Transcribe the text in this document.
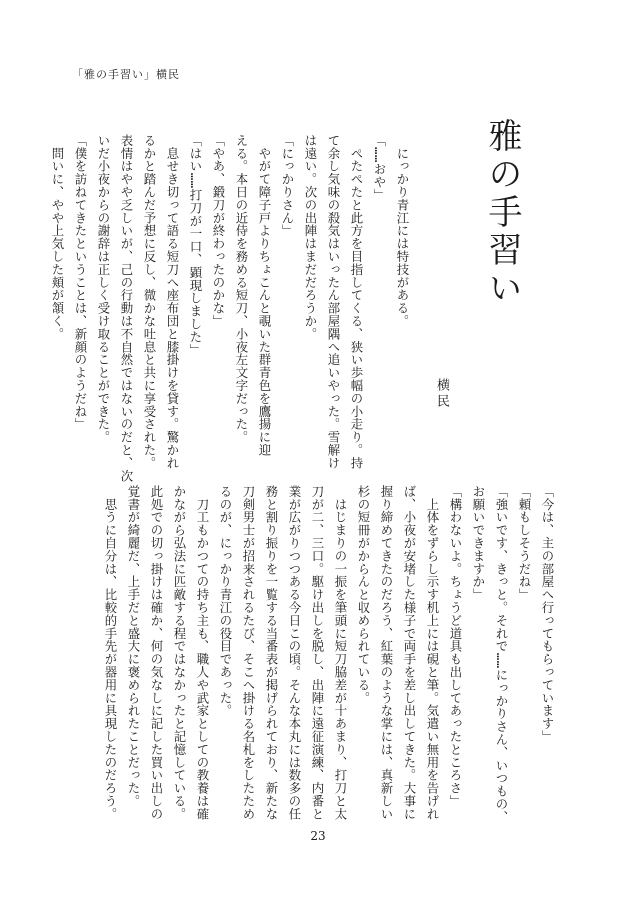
「雅の手習い」横民
雅の手習い
横民
　にっかり青江には特技がある。
「……おや」
　ぺたぺたと此方を目指してくる、狭い歩幅の小走り。持
て余し気味の殺気はいったん部屋隅へ追いやった。雪解け
は遠い。次の出陣はまだだろうか。
「にっかりさん」
　やがて障子戸よりちょこんと覗いた群青色を鷹揚に迎
える。本日の近侍を務める短刀、小夜左文字だった。
「やあ、鍛刀が終わったのかな」
「はい……打刀が一口、顕現しました」
　息せき切って語る短刀へ座布団と膝掛けを貸す。驚かれ
るかと踏んだ予想に反し、微かな吐息と共に享受された。
表情はやや乏しいが、己の行動は不自然ではないのだと、次
いだ小夜からの謝辞は正しく受け取ることができた。
「僕を訪ねてきたということは、新顔のようだね」
　問いに、やや上気した頬が頷く。
「今は、主の部屋へ行ってもらっています」
「頼もしそうだね」
「強いです、きっと。それで……にっかりさん、いつもの、
お願いできますか」
「構わないよ。ちょうど道具も出してあったところさ」
　上体をずらし示す机上には硯と筆。気遣い無用を告げれ
ば、小夜が安堵した様子で両手を差し出してきた。大事に
握り締めてきたのだろう、紅葉のような掌には、真新しい
杉の短冊がからんと収められている。
　はじまりの一振を筆頭に短刀脇差が十あまり、打刀と太
刀が二、三口。駆け出しを脱し、出陣に遠征演練、内番と
業が広がりつつある今日この頃。そんな本丸には数多の任
務と割り振りを一覧する当番表が掲げられており、新たな
刀剣男士が招来されるたび、そこへ掛ける名札をしたため
るのが、にっかり青江の役目であった。
　刀工もかつての持ち主も、職人や武家としての教養は確
かながら弘法に匹敵する程ではなかったと記憶している。
此処での切っ掛けは確か、何の気なしに記した買い出しの
覚書が綺麗だ、上手だと盛大に褒められたことだった。
　思うに自分は、比較的手先が器用に具現したのだろう。
23
